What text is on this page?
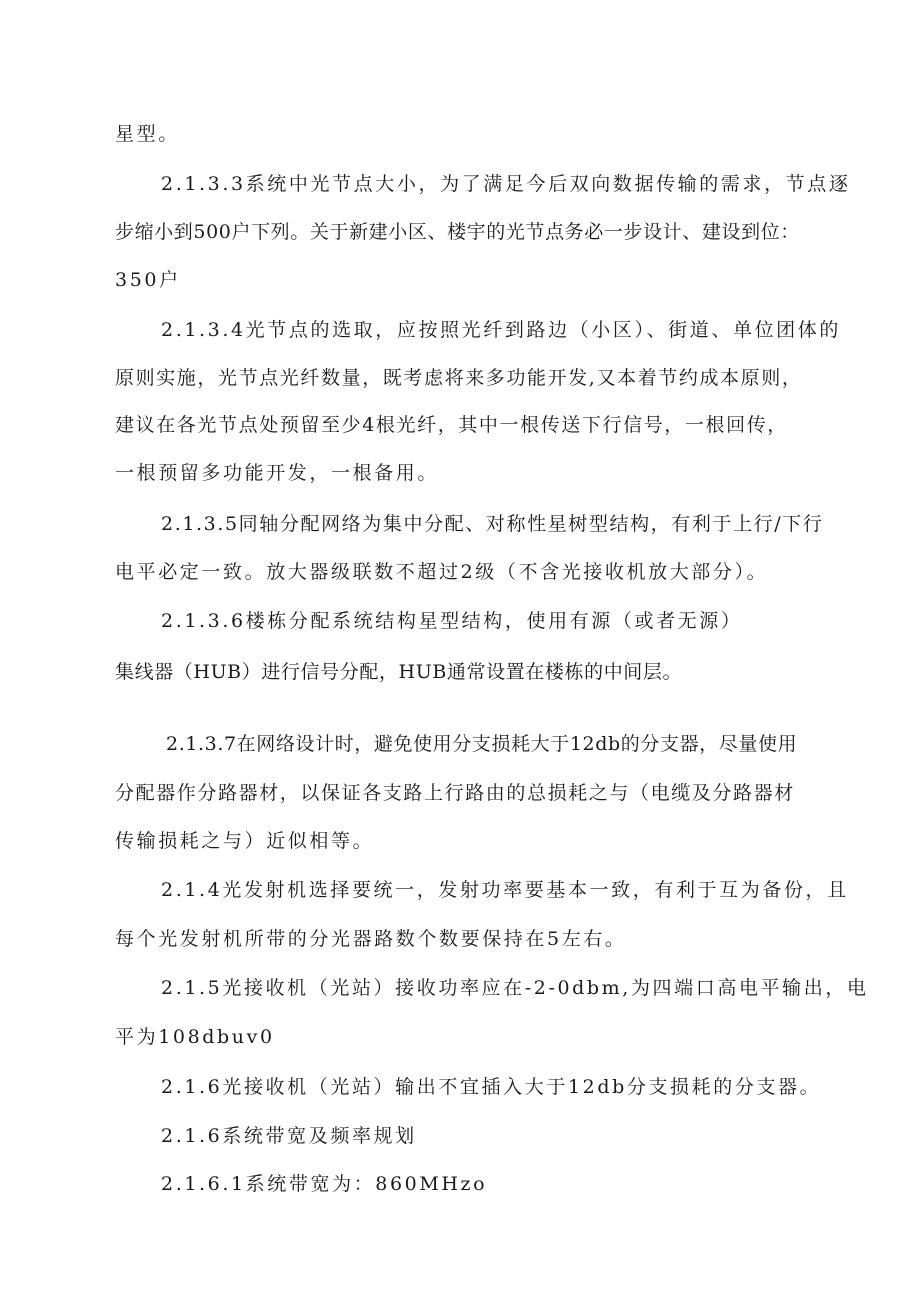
星型。

2.1.3.3系统中光节点大小，为了满足今后双向数据传输的需求，节点逐

步缩小到500户下列。关于新建小区、楼宇的光节点务必一步设计、建设到位：

350户

2.1.3.4光节点的选取，应按照光纤到路边（小区）、街道、单位团体的

原则实施，光节点光纤数量，既考虑将来多功能开发,又本着节约成本原则，

建议在各光节点处预留至少4根光纤，其中一根传送下行信号，一根回传，

一根预留多功能开发，一根备用。

2.1.3.5同轴分配网络为集中分配、对称性星树型结构，有利于上行/下行

电平必定一致。放大器级联数不超过2级（不含光接收机放大部分）。

2.1.3.6楼栋分配系统结构星型结构，使用有源（或者无源）

集线器（HUB）进行信号分配，HUB通常设置在楼栋的中间层。

2.1.3.7在网络设计时，避免使用分支损耗大于12db的分支器，尽量使用

分配器作分路器材，以保证各支路上行路由的总损耗之与（电缆及分路器材

传输损耗之与）近似相等。

2.1.4光发射机选择要统一，发射功率要基本一致，有利于互为备份，且

每个光发射机所带的分光器路数个数要保持在5左右。

2.1.5光接收机（光站）接收功率应在-2-0dbm,为四端口高电平输出，电

平为108dbuv0

2.1.6光接收机（光站）输出不宜插入大于12db分支损耗的分支器。

2.1.6系统带宽及频率规划

2.1.6.1系统带宽为：860MHzo
